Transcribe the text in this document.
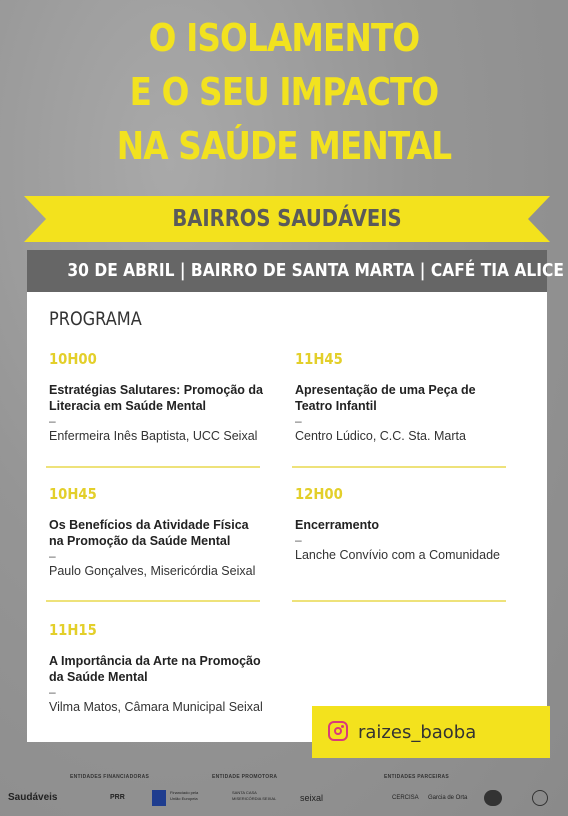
O ISOLAMENTO
E O SEU IMPACTO
NA SAÚDE MENTAL
BAIRROS SAUDÁVEIS
30 DE ABRIL | BAIRRO DE SANTA MARTA | CAFÉ TIA ALICE
PROGRAMA
10H00
Estratégias Salutares: Promoção da Literacia em Saúde Mental
–
Enfermeira Inês Baptista, UCC Seixal
11H45
Apresentação de uma Peça de Teatro Infantil
–
Centro Lúdico, C.C. Sta. Marta
10H45
Os Benefícios da Atividade Física na Promoção da Saúde Mental
–
Paulo Gonçalves, Misericórdia Seixal
12H00
Encerramento
–
Lanche Convívio com a Comunidade
11H15
A Importância da Arte na Promoção da Saúde Mental
–
Vilma Matos, Câmara Municipal Seixal
raizes_baoba
ENTIDADES FINANCIADORAS	ENTIDADE PROMOTORA	ENTIDADES PARCEIRAS
Saudáveis	PRR
Financiado pela União Europeia
SANTA CASA MISERICÓRDIA SEIXAL	seixal	CERCISA Garcia de Orta
